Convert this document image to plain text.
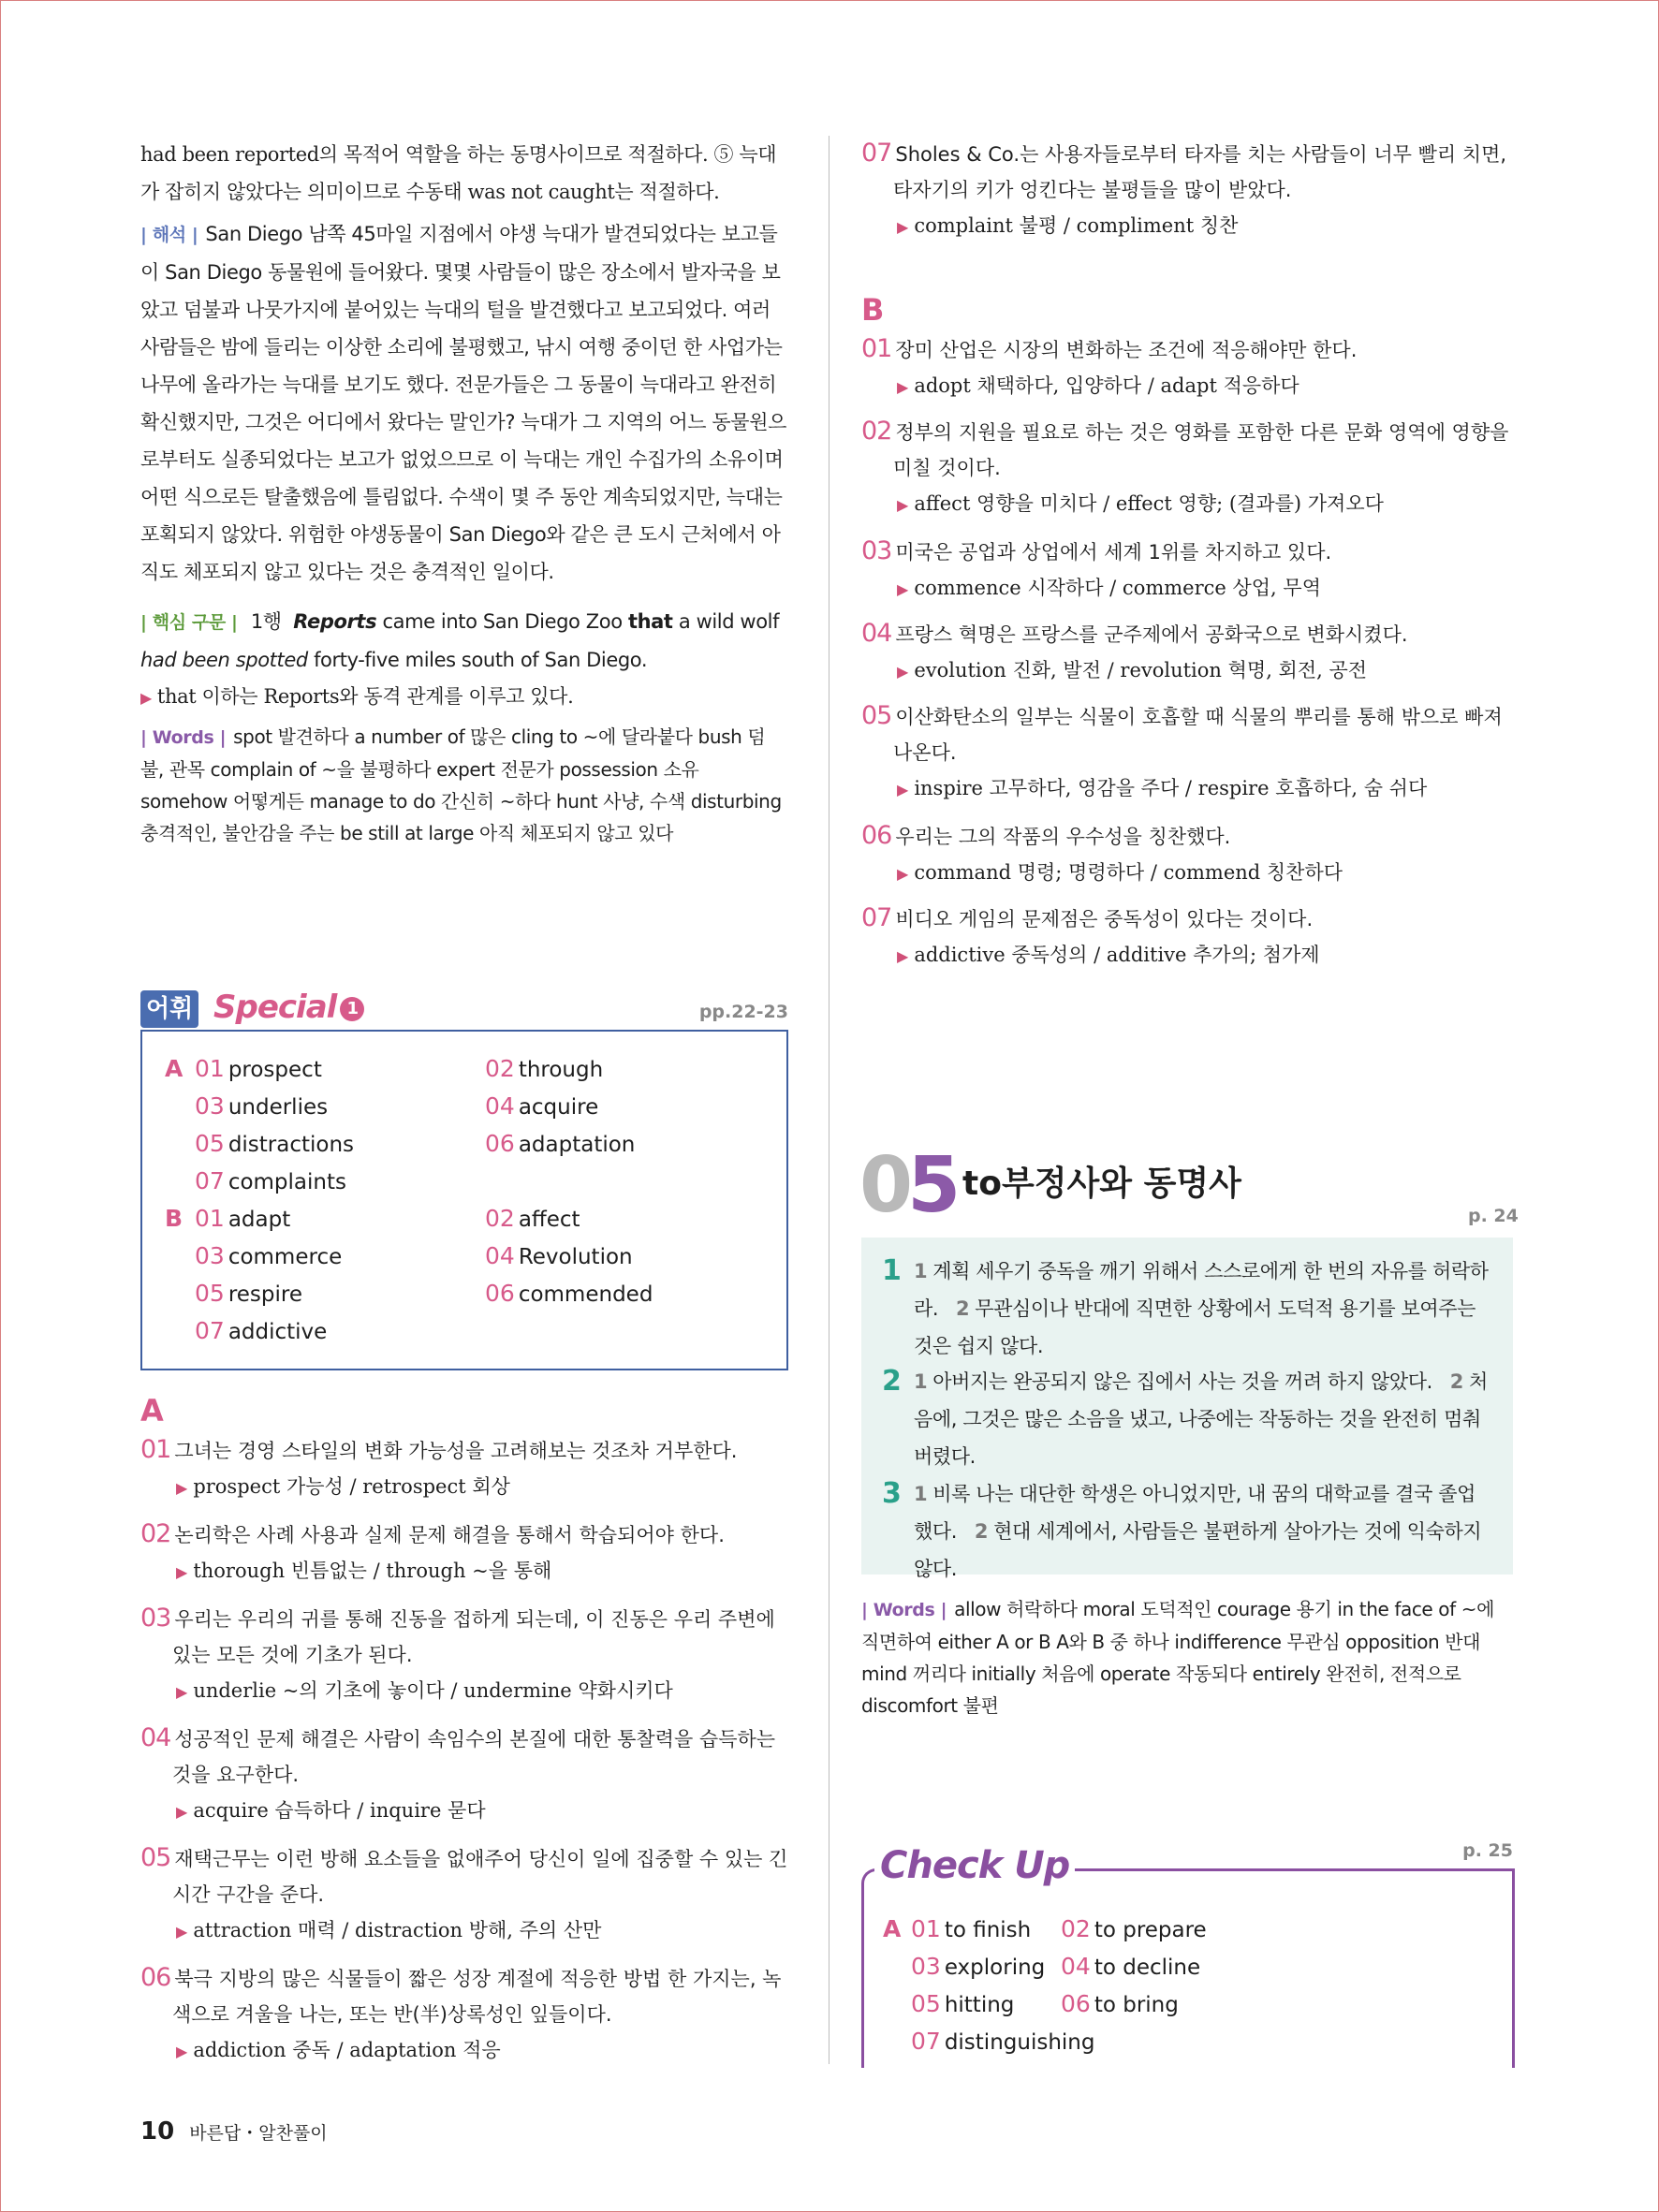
had been reported의 목적어 역할을 하는 동명사이므로 적절하다. ⑤ 늑대가 잡히지 않았다는 의미이므로 수동태 was not caught는 적절하다.
| 해석 | San Diego 남쪽 45마일 지점에서 야생 늑대가 발견되었다는 보고들이 San Diego 동물원에 들어왔다. 몇몇 사람들이 많은 장소에서 발자국을 보았고 덤불과 나뭇가지에 붙어있는 늑대의 털을 발견했다고 보고되었다. 여러 사람들은 밤에 들리는 이상한 소리에 불평했고, 낚시 여행 중이던 한 사업가는 나무에 올라가는 늑대를 보기도 했다. 전문가들은 그 동물이 늑대라고 완전히 확신했지만, 그것은 어디에서 왔다는 말인가? 늑대가 그 지역의 어느 동물원으로부터도 실종되었다는 보고가 없었으므로 이 늑대는 개인 수집가의 소유이며 어떤 식으로든 탈출했음에 틀림없다. 수색이 몇 주 동안 계속되었지만, 늑대는 포획되지 않았다. 위험한 야생동물이 San Diego와 같은 큰 도시 근처에서 아직도 체포되지 않고 있다는 것은 충격적인 일이다.
| 핵심 구문 | 1행 Reports came into San Diego Zoo that a wild wolf had been spotted forty-five miles south of San Diego.
▶ that 이하는 Reports와 동격 관계를 이루고 있다.
| Words | spot 발견하다 a number of 많은 cling to ~에 달라붙다 bush 덤불, 관목 complain of ~을 불평하다 expert 전문가 possession 소유 somehow 어떻게든 manage to do 간신히 ~하다 hunt 사냥, 수색 disturbing 충격적인, 불안감을 주는 be still at large 아직 체포되지 않고 있다
어휘 Special 1	pp.22-23
A
B
01 prospect	02 through
03 underlies	04 acquire
05 distractions	06 adaptation
07 complaints
01 adapt	02 affect
03 commerce	04 Revolution
05 respire	06 commended
07 addictive
A
01 그녀는 경영 스타일의 변화 가능성을 고려해보는 것조차 거부한다.
▶ prospect 가능성 / retrospect 회상
02 논리학은 사례 사용과 실제 문제 해결을 통해서 학습되어야 한다.
▶ thorough 빈틈없는 / through ~을 통해
03 우리는 우리의 귀를 통해 진동을 접하게 되는데, 이 진동은 우리 주변에 있는 모든 것에 기초가 된다.
▶ underlie ~의 기초에 놓이다 / undermine 약화시키다
04 성공적인 문제 해결은 사람이 속임수의 본질에 대한 통찰력을 습득하는 것을 요구한다.
▶ acquire 습득하다 / inquire 묻다
05 재택근무는 이런 방해 요소들을 없애주어 당신이 일에 집중할 수 있는 긴 시간 구간을 준다.
▶ attraction 매력 / distraction 방해, 주의 산만
06 북극 지방의 많은 식물들이 짧은 성장 계절에 적응한 방법 한 가지는, 녹색으로 겨울을 나는, 또는 반(半)상록성인 잎들이다.
▶ addiction 중독 / adaptation 적응
07 Sholes & Co.는 사용자들로부터 타자를 치는 사람들이 너무 빨리 치면, 타자기의 키가 엉킨다는 불평들을 많이 받았다.
▶ complaint 불평 / compliment 칭찬
B
01 장미 산업은 시장의 변화하는 조건에 적응해야만 한다.
▶ adopt 채택하다, 입양하다 / adapt 적응하다
02 정부의 지원을 필요로 하는 것은 영화를 포함한 다른 문화 영역에 영향을 미칠 것이다.
▶ affect 영향을 미치다 / effect 영향; (결과를) 가져오다
03 미국은 공업과 상업에서 세계 1위를 차지하고 있다.
▶ commence 시작하다 / commerce 상업, 무역
04 프랑스 혁명은 프랑스를 군주제에서 공화국으로 변화시켰다.
▶ evolution 진화, 발전 / revolution 혁명, 회전, 공전
05 이산화탄소의 일부는 식물이 호흡할 때 식물의 뿌리를 통해 밖으로 빠져나온다.
▶ inspire 고무하다, 영감을 주다 / respire 호흡하다, 숨 쉬다
06 우리는 그의 작품의 우수성을 칭찬했다.
▶ command 명령; 명령하다 / commend 칭찬하다
07 비디오 게임의 문제점은 중독성이 있다는 것이다.
▶ addictive 중독성의 / additive 추가의; 첨가제
05 to부정사와 동명사
p. 24
1 1 계획 세우기 중독을 깨기 위해서 스스로에게 한 번의 자유를 허락하라. 2 무관심이나 반대에 직면한 상황에서 도덕적 용기를 보여주는 것은 쉽지 않다.
2 1 아버지는 완공되지 않은 집에서 사는 것을 꺼려 하지 않았다. 2 처음에, 그것은 많은 소음을 냈고, 나중에는 작동하는 것을 완전히 멈춰 버렸다.
3 1 비록 나는 대단한 학생은 아니었지만, 내 꿈의 대학교를 결국 졸업했다. 2 현대 세계에서, 사람들은 불편하게 살아가는 것에 익숙하지 않다.
| Words | allow 허락하다 moral 도덕적인 courage 용기 in the face of ~에 직면하여 either A or B A와 B 중 하나 indifference 무관심 opposition 반대 mind 꺼리다 initially 처음에 operate 작동되다 entirely 완전히, 전적으로 discomfort 불편
A 01 to finish 02 to prepare
03 exploring 04 to decline
05 hitting 06 to bring
07 distinguishing
Check Up	p. 25
10 바른답・알찬풀이
